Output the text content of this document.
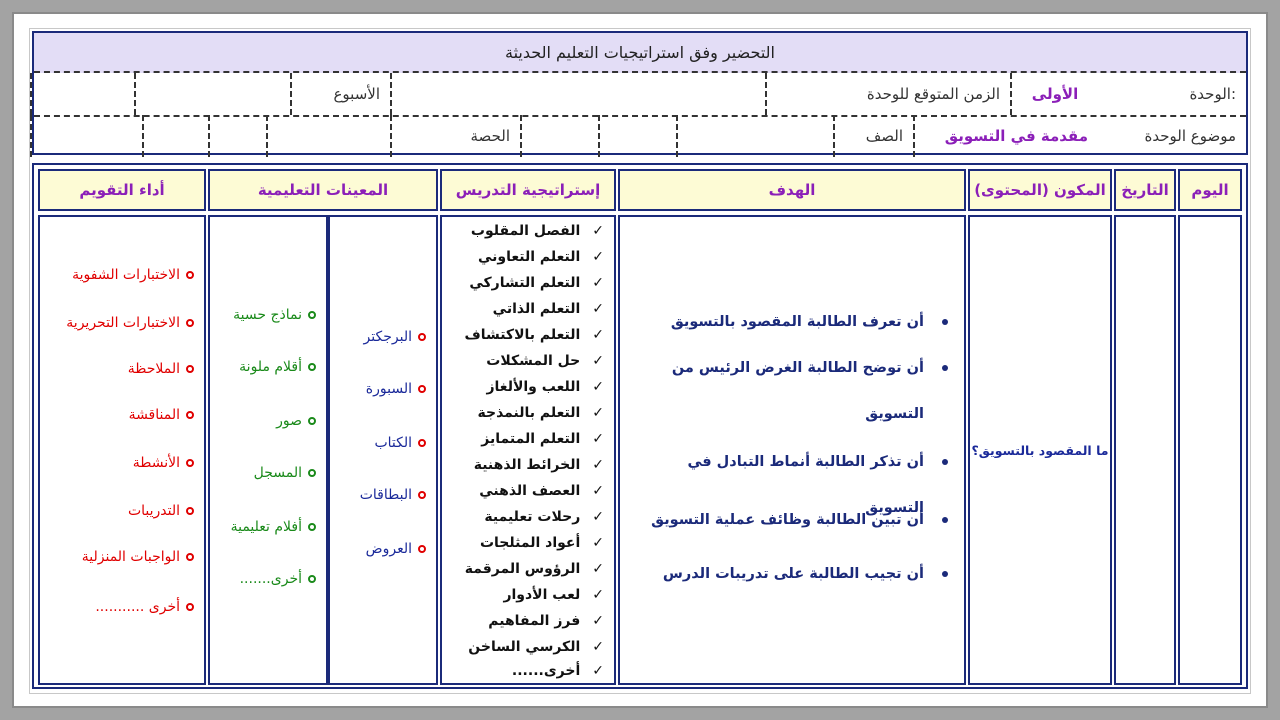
التحضير وفق استراتيجيات التعليم الحديثة
الوحدة:
الأولى
الزمن المتوقع للوحدة
الأسبوع
موضوع الوحدة
مقدمة في التسويق
الصف
الحصة
اليوم
التاريخ
المكون (المحتوى)
الهدف
إستراتيجية التدريس
المعينات التعليمية
أداء التقويم
ما المقصود بالتسويق؟
أن تعرف الطالبة المقصود بالتسويق
أن توضح الطالبة الغرض الرئيس من التسويق
أن تذكر الطالبة أنماط التبادل في التسويق
أن تبين الطالبة وظائف عملية التسويق
أن تجيب الطالبة على تدريبات الدرس
✓
الفصل المقلوب
✓
التعلم التعاوني
✓
التعلم التشاركي
✓
التعلم الذاتي
✓
التعلم بالاكتشاف
✓
حل المشكلات
✓
اللعب والألغاز
✓
التعلم بالنمذجة
✓
التعلم المتمايز
✓
الخرائط الذهنية
✓
العصف الذهني
✓
رحلات تعليمية
✓
أعواد المثلجات
✓
الرؤوس المرقمة
✓
لعب الأدوار
✓
فرز المفاهيم
✓
الكرسي الساخن
✓
أخرى......
البرجكتر
السبورة
الكتاب
البطاقات
العروض
نماذج حسية
أقلام ملونة
صور
المسجل
أفلام تعليمية
أخرى.......
الاختبارات الشفوية
الاختبارات التحريرية
الملاحظة
المناقشة
الأنشطة
التدريبات
الواجبات المنزلية
أخرى ...........
